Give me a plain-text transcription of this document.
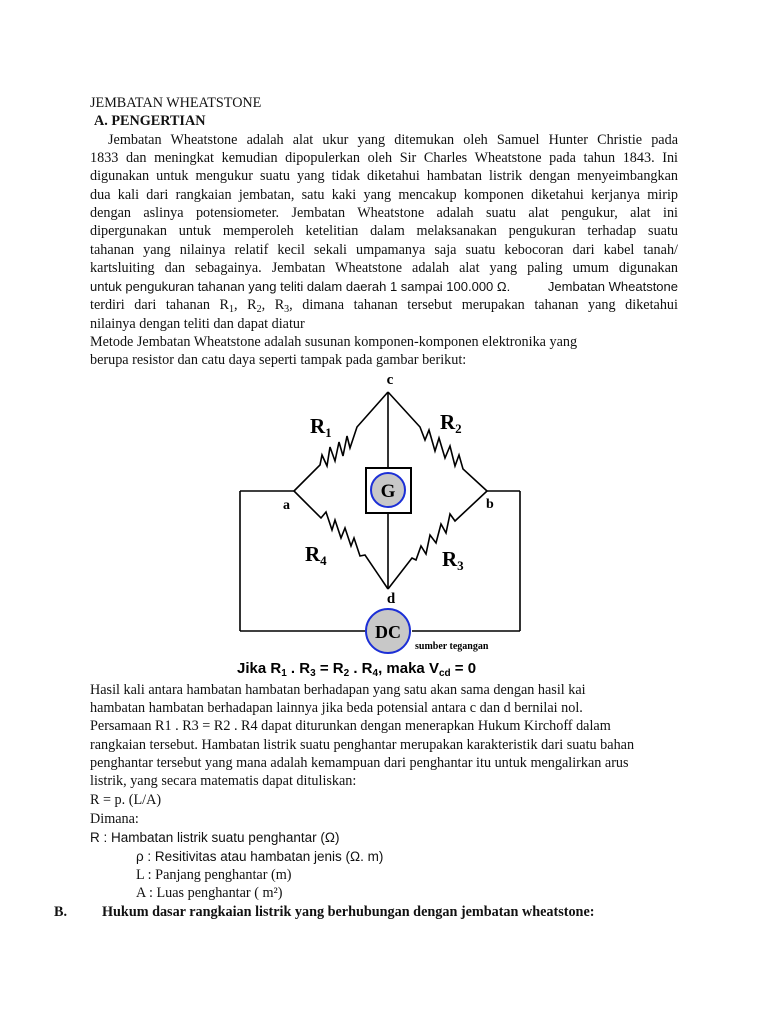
JEMBATAN WHEATSTONE
A. PENGERTIAN
Jembatan Wheatstone adalah alat ukur yang ditemukan oleh Samuel Hunter Christie pada
1833 dan meningkat kemudian dipopulerkan oleh Sir Charles Wheatstone pada tahun 1843. Ini
digunakan untuk mengukur suatu yang tidak diketahui hambatan listrik dengan menyeimbangkan
dua kali dari rangkaian jembatan, satu kaki yang mencakup komponen diketahui kerjanya mirip
dengan aslinya potensiometer. Jembatan Wheatstone adalah suatu alat pengukur, alat ini
dipergunakan untuk memperoleh ketelitian dalam melaksanakan pengukuran terhadap suatu
tahanan yang nilainya relatif kecil sekali umpamanya saja suatu kebocoran dari kabel tanah/
kartsluiting dan sebagainya. Jembatan Wheatstone adalah alat yang paling umum digunakan
untuk pengukuran tahanan yang teliti dalam daerah 1 sampai 100.000 Ω.	Jembatan Wheatstone
terdiri dari tahanan $R_1$, $R_2$, $R_3$, dimana tahanan tersebut merupakan tahanan yang diketahui
nilainya dengan teliti dan dapat diatur
Metode Jembatan Wheatstone adalah susunan komponen-komponen elektronika yang
berupa resistor dan catu daya seperti tampak pada gambar berikut:
G
DC
sumber tegangan
c
d
a	b
R1	R2
R3
R4
Jika $R_1$ . $R_3 = R_2$ . $R_4$, maka $V_{cd} = 0$
Hasil kali antara hambatan hambatan berhadapan yang satu akan sama dengan hasil kai
hambatan hambatan berhadapan lainnya jika beda potensial antara c dan d bernilai nol.
Persamaan R1 . R3 = R2 . R4 dapat diturunkan dengan menerapkan Hukum Kirchoff dalam
rangkaian tersebut. Hambatan listrik suatu penghantar merupakan karakteristik dari suatu bahan
penghantar tersebut yang mana adalah kemampuan dari penghantar itu untuk mengalirkan arus
listrik, yang secara matematis dapat dituliskan:
R = p. (L/A)
Dimana:
R : Hambatan listrik suatu penghantar (Ω)
ρ : Resitivitas atau hambatan jenis (Ω. m)
L : Panjang penghantar (m)
A : Luas penghantar ( m²)
B. Hukum dasar rangkaian listrik yang berhubungan dengan jembatan wheatstone:
